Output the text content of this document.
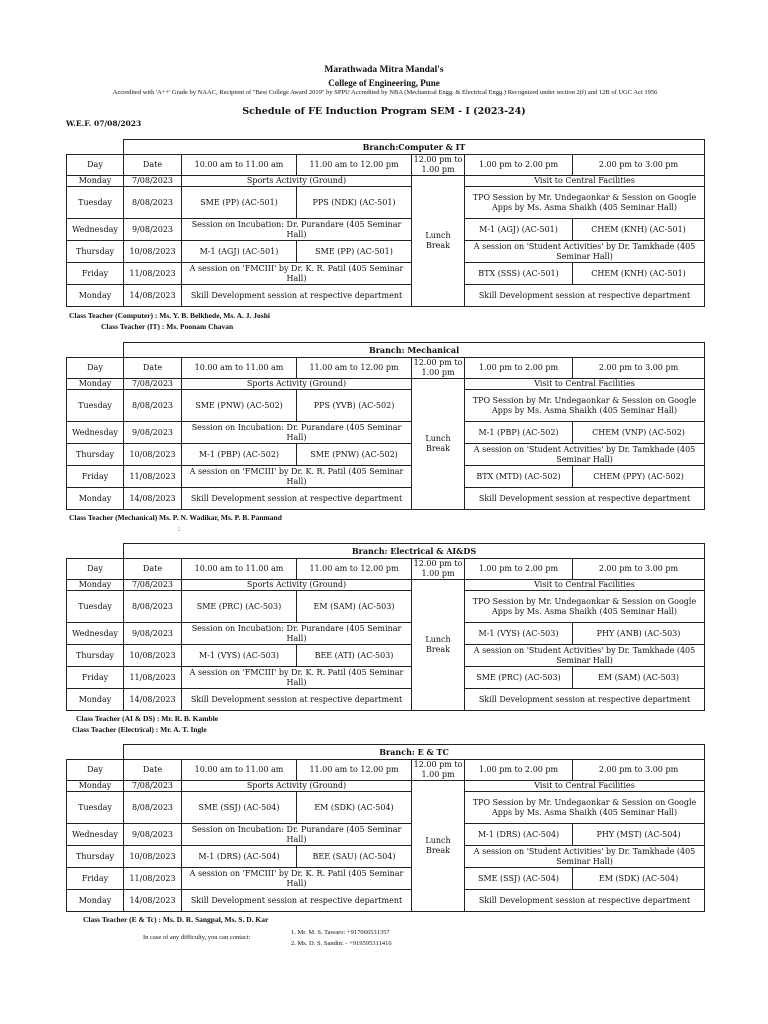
Marathwada Mitra Mandal's
College of Engineering, Pune
Accredited with 'A++' Grade by NAAC, Recipient of "Best College Award 2019" by SPPU Accredited by NBA (Mechanical Engg. & Electrical Engg.) Recognized under section 2(f) and 12B of UGC Act 1956
Schedule of FE Induction Program SEM - I (2023-24)
W.E.F. 07/08/2023
	Branch:Computer & IT					
Day	Date	10.00 am to 11.00 am	11.00 am to 12.00 pm	12.00 pm to 1.00 pm	1.00 pm to 2.00 pm	2.00 pm to 3.00 pm
Monday	7/08/2023	Sports Activity (Ground)		Lunch Break	Visit to Central Facilities	
Tuesday	8/08/2023	SME (PP) (AC-501)	PPS (NDK) (AC-501)		TPO Session by Mr. Undegaonkar & Session on Google Apps by Ms. Asma Shaikh (405 Seminar Hall)	
Wednesday	9/08/2023	Session on Incubation: Dr. Purandare (405 Seminar Hall)			M-1 (AGJ) (AC-501)	CHEM (KNH) (AC-501)
Thursday	10/08/2023	M-1 (AGJ) (AC-501)	SME (PP) (AC-501)		A session on 'Student Activities' by Dr. Tamkhade (405 Seminar Hall)	
Friday	11/08/2023	A session on 'FMCIII' by Dr. K. R. Patil (405 Seminar Hall)			BTX (SSS) (AC-501)	CHEM (KNH) (AC-501)
Monday	14/08/2023	Skill Development session at respective department			Skill Development session at respective department	
	Branch: Mechanical					
Day	Date	10.00 am to 11.00 am	11.00 am to 12.00 pm	12.00 pm to 1.00 pm	1.00 pm to 2.00 pm	2.00 pm to 3.00 pm
Monday	7/08/2023	Sports Activity (Ground)		Lunch Break	Visit to Central Facilities	
Tuesday	8/08/2023	SME (PNW) (AC-502)	PPS (YVB) (AC-502)		TPO Session by Mr. Undegaonkar & Session on Google Apps by Ms. Asma Shaikh (405 Seminar Hall)	
Wednesday	9/08/2023	Session on Incubation: Dr. Purandare (405 Seminar Hall)			M-1 (PBP) (AC-502)	CHEM (VNP) (AC-502)
Thursday	10/08/2023	M-1 (PBP) (AC-502)	SME (PNW) (AC-502)		A session on 'Student Activities' by Dr. Tamkhade (405 Seminar Hall)	
Friday	11/08/2023	A session on 'FMCIII' by Dr. K. R. Patil (405 Seminar Hall)			BTX (MTD) (AC-502)	CHEM (PPY) (AC-502)
Monday	14/08/2023	Skill Development session at respective department			Skill Development session at respective department	
	Branch: Electrical & AI&DS					
Day	Date	10.00 am to 11.00 am	11.00 am to 12.00 pm	12.00 pm to 1.00 pm	1.00 pm to 2.00 pm	2.00 pm to 3.00 pm
Monday	7/08/2023	Sports Activity (Ground)		Lunch Break	Visit to Central Facilities	
Tuesday	8/08/2023	SME (PRC) (AC-503)	EM (SAM) (AC-503)		TPO Session by Mr. Undegaonkar & Session on Google Apps by Ms. Asma Shaikh (405 Seminar Hall)	
Wednesday	9/08/2023	Session on Incubation: Dr. Purandare (405 Seminar Hall)			M-1 (VYS) (AC-503)	PHY (ANB) (AC-503)
Thursday	10/08/2023	M-1 (VYS) (AC-503)	BEE (ATI) (AC-503)		A session on 'Student Activities' by Dr. Tamkhade (405 Seminar Hall)	
Friday	11/08/2023	A session on 'FMCIII' by Dr. K. R. Patil (405 Seminar Hall)			SME (PRC) (AC-503)	EM (SAM) (AC-503)
Monday	14/08/2023	Skill Development session at respective department			Skill Development session at respective department	
	Branch: E & TC					
Day	Date	10.00 am to 11.00 am	11.00 am to 12.00 pm	12.00 pm to 1.00 pm	1.00 pm to 2.00 pm	2.00 pm to 3.00 pm
Monday	7/08/2023	Sports Activity (Ground)		Lunch Break	Visit to Central Facilities	
Tuesday	8/08/2023	SME (SSJ) (AC-504)	EM (SDK) (AC-504)		TPO Session by Mr. Undegaonkar & Session on Google Apps by Ms. Asma Shaikh (405 Seminar Hall)	
Wednesday	9/08/2023	Session on Incubation: Dr. Purandare (405 Seminar Hall)			M-1 (DRS) (AC-504)	PHY (MST) (AC-504)
Thursday	10/08/2023	M-1 (DRS) (AC-504)	BEE (SAU) (AC-504)		A session on 'Student Activities' by Dr. Tamkhade (405 Seminar Hall)	
Friday	11/08/2023	A session on 'FMCIII' by Dr. K. R. Patil (405 Seminar Hall)			SME (SSJ) (AC-504)	EM (SDK) (AC-504)
Monday	14/08/2023	Skill Development session at respective department			Skill Development session at respective department	
Class Teacher (Computer) : Ms. Y. B. Belkhede, Ms. A. J. Joshi
Class Teacher (IT) : Ms. Poonam Chavan
Class Teacher (Mechanical) Ms. P. N. Wadikar, Ms. P. B. Panmand
:
Class Teacher (AI & DS) : Mr. R. B. Kamble
Class Teacher (Electrical) : Mr. A. T. Ingle
Class Teacher (E & Tc) : Ms. D. R. Sangpal, Ms. S. D. Kar
In case of any difficulty, you can contact:
1. Mr. M. S. Tawaro: +917066531357
2. Ms. D. S. Sandin: - +919595311416
